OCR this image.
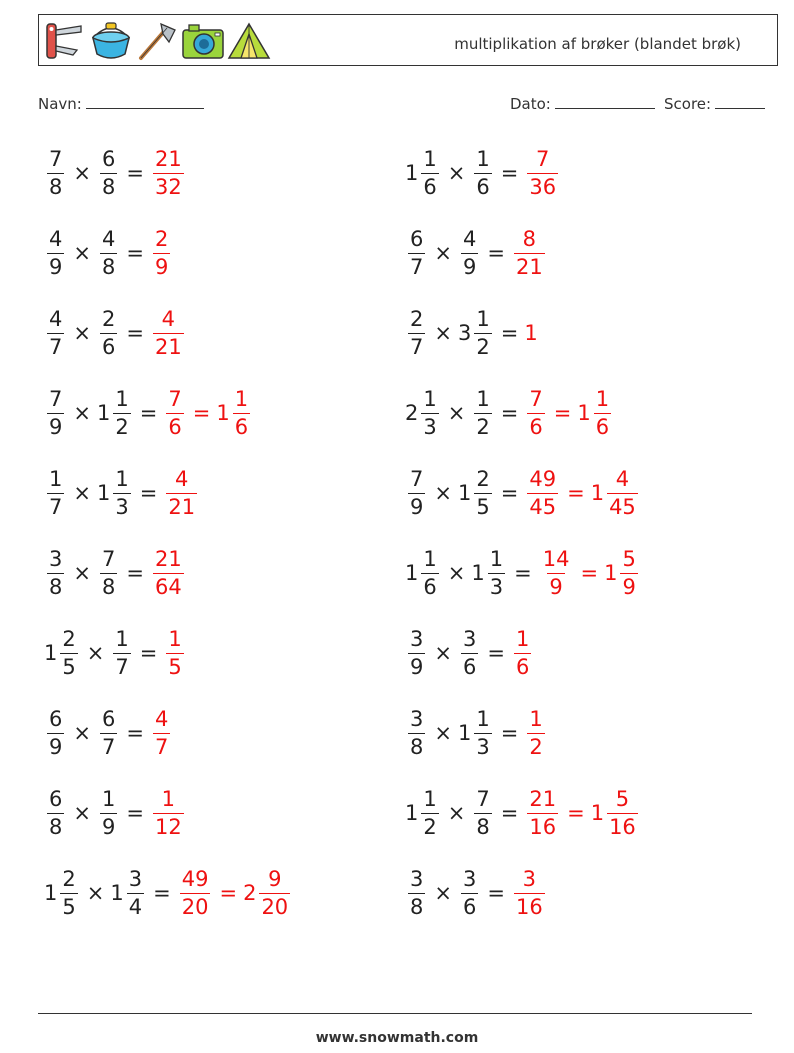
multiplikation af brøker (blandet brøk)
Navn:	Dato:	Score:
$\frac{7}{8} \times \frac{6}{8} = \frac{21}{32}$	$1 \frac{1}{6} \times \frac{1}{6} = \frac{7}{36}$
$\frac{4}{9} \times \frac{4}{8} = \frac{2}{9}$	$\frac{6}{7} \times \frac{4}{9} = \frac{8}{21}$
$\frac{4}{7} \times \frac{2}{6} = \frac{4}{21}$	$\frac{2}{7} \times 3 \frac{1}{2} = 1$
$\frac{7}{9} \times 1 \frac{1}{2} = \frac{7}{6} = 1 \frac{1}{6}$	$2 \frac{1}{3} \times \frac{1}{2} = \frac{7}{6} = 1 \frac{1}{6}$
$\frac{1}{7} \times 1 \frac{1}{3} = \frac{4}{21}$	$\frac{7}{9} \times 1 \frac{2}{5} = \frac{49}{45} = 1 \frac{4}{45}$
$\frac{3}{8} \times \frac{7}{8} = \frac{21}{64}$	$1 \frac{1}{6} \times 1 \frac{1}{3} = \frac{14}{9} = 1 \frac{5}{9}$
$1 \frac{2}{5} \times \frac{1}{7} = \frac{1}{5}$	$\frac{3}{9} \times \frac{3}{6} = \frac{1}{6}$
$\frac{6}{9} \times \frac{6}{7} = \frac{4}{7}$	$\frac{3}{8} \times 1 \frac{1}{3} = \frac{1}{2}$
$\frac{6}{8} \times \frac{1}{9} = \frac{1}{12}$	$1 \frac{1}{2} \times \frac{7}{8} = \frac{21}{16} = 1 \frac{5}{16}$
$1 \frac{2}{5} \times 1 \frac{3}{4} = \frac{49}{20} = 2 \frac{9}{20}$	$\frac{3}{8} \times \frac{3}{6} = \frac{3}{16}$
www.snowmath.com
